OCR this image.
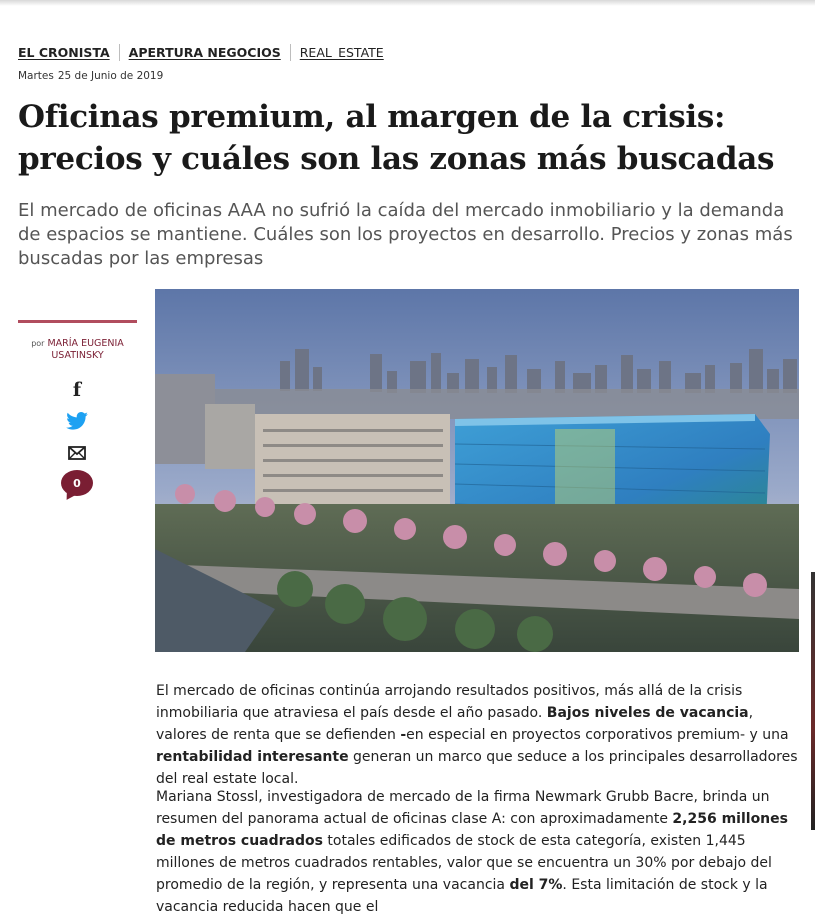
EL CRONISTA APERTURA NEGOCIOS REAL_ESTATE
Martes 25 de Junio de 2019
Oficinas premium, al margen de la crisis: precios y cuáles son las zonas más buscadas

El mercado de oficinas AAA no sufrió la caída del mercado inmobiliario y la demanda de espacios se mantiene. Cuáles son los proyectos en desarrollo. Precios y zonas más buscadas por las empresas

por MARÍA EUGENIA USATINSKY
f
0

El mercado de oficinas continúa arrojando resultados positivos, más allá de la crisis inmobiliaria que atraviesa el país desde el año pasado. Bajos niveles de vacancia, valores de renta que se defienden -en especial en proyectos corporativos premium- y una rentabilidad interesante generan un marco que seduce a los principales desarrolladores del real estate local.

Mariana Stossl, investigadora de mercado de la firma Newmark Grubb Bacre, brinda un resumen del panorama actual de oficinas clase A: con aproximadamente 2,256 millones de metros cuadrados totales edificados de stock de esta categoría, existen 1,445 millones de metros cuadrados rentables, valor que se encuentra un 30% por debajo del promedio de la región, y representa una vacancia del 7%. Esta limitación de stock y la vacancia reducida hacen que el
